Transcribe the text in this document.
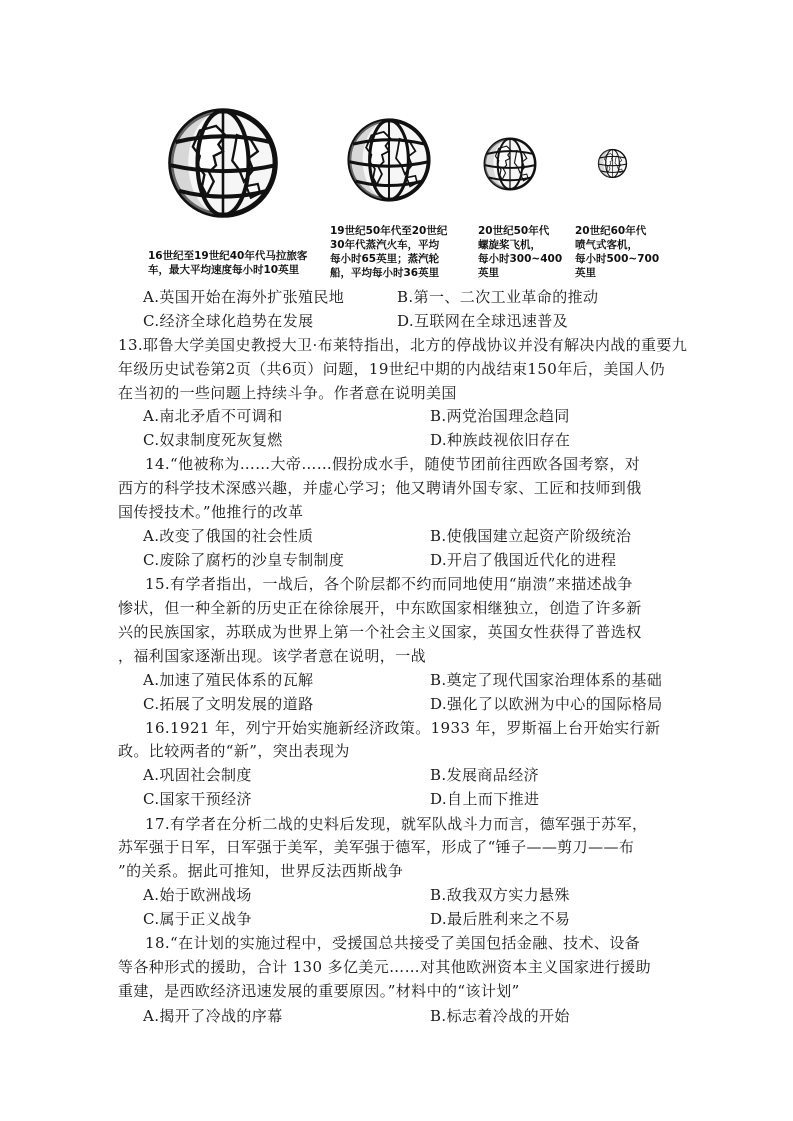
16世纪至19世纪40年代马拉旅客
车，最大平均速度每小时10英里
19世纪50年代至20世纪
30年代蒸汽火车，平均
每小时65英里；蒸汽轮
船，平均每小时36英里
20世纪50年代
螺旋桨飞机，
每小时300~400
英里
20世纪60年代
喷气式客机，
每小时500~700
英里
A.英国开始在海外扩张殖民地	B.第一、二次工业革命的推动
C.经济全球化趋势在发展	D.互联网在全球迅速普及
13.耶鲁大学美国史教授大卫·布莱特指出，北方的停战协议并没有解决内战的重要九
年级历史试卷第2页（共6页）问题，19世纪中期的内战结束150年后，美国人仍
在当初的一些问题上持续斗争。作者意在说明美国
A.南北矛盾不可调和	B.两党治国理念趋同
C.奴隶制度死灰复燃	D.种族歧视依旧存在
14.“他被称为……大帝……假扮成水手，随使节团前往西欧各国考察，对
西方的科学技术深感兴趣，并虚心学习；他又聘请外国专家、工匠和技师到俄
国传授技术。”他推行的改革
A.改变了俄国的社会性质	B.使俄国建立起资产阶级统治
C.废除了腐朽的沙皇专制制度	D.开启了俄国近代化的进程
15.有学者指出，一战后，各个阶层都不约而同地使用“崩溃”来描述战争
惨状，但一种全新的历史正在徐徐展开，中东欧国家相继独立，创造了许多新
兴的民族国家，苏联成为世界上第一个社会主义国家，英国女性获得了普选权
，福利国家逐渐出现。该学者意在说明，一战
A.加速了殖民体系的瓦解	B.奠定了现代国家治理体系的基础
C.拓展了文明发展的道路	D.强化了以欧洲为中心的国际格局
16.1921 年，列宁开始实施新经济政策。1933 年，罗斯福上台开始实行新
政。比较两者的“新”，突出表现为
A.巩固社会制度	B.发展商品经济
C.国家干预经济	D.自上而下推进
17.有学者在分析二战的史料后发现，就军队战斗力而言，德军强于苏军，
苏军强于日军，日军强于美军，美军强于德军，形成了“锤子——剪刀——布
”的关系。据此可推知，世界反法西斯战争
A.始于欧洲战场	B.敌我双方实力悬殊
C.属于正义战争	D.最后胜利来之不易
18.“在计划的实施过程中，受援国总共接受了美国包括金融、技术、设备
等各种形式的援助，合计 130 多亿美元……对其他欧洲资本主义国家进行援助
重建，是西欧经济迅速发展的重要原因。”材料中的“该计划”
A.揭开了冷战的序幕	B.标志着冷战的开始
